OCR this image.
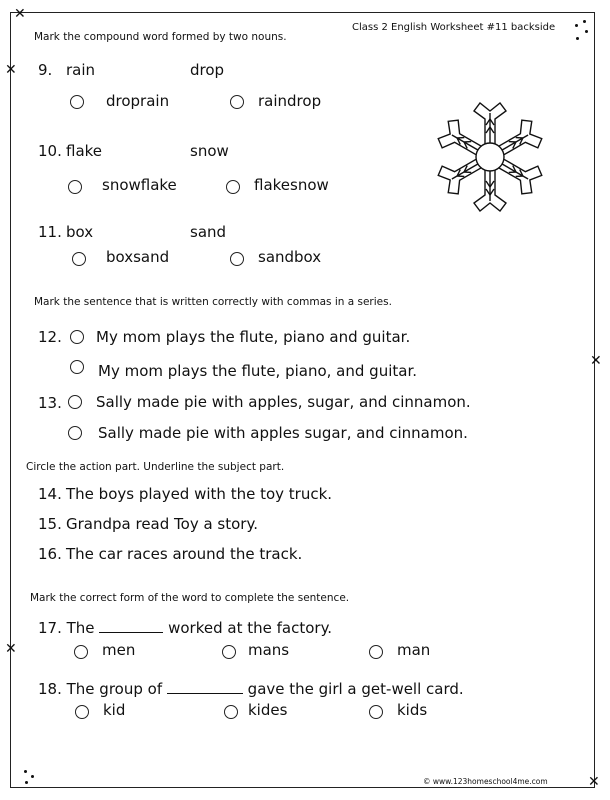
✕
✕
✕
✕
✕
Class 2 English Worksheet #11 backside
Mark the compound word formed by two nouns.
9. rain	drop
droprain	raindrop
10. flake	snow
snowflake	flakesnow
11. box	sand
boxsand	sandbox
Mark the sentence that is written correctly with commas in a series.
12. My mom plays the flute, piano and guitar.
My mom plays the flute, piano, and guitar.
13. Sally made pie with apples, sugar, and cinnamon.
Sally made pie with apples sugar, and cinnamon.
Circle the action part. Underline the subject part.
14. The boys played with the toy truck.
15. Grandpa read Toy a story.
16. The car races around the track.
Mark the correct form of the word to complete the sentence.
17. The	worked at the factory.
men	mans	man
18. The group of	gave the girl a get-well card.
kid	kides	kids
© www.123homeschool4me.com
